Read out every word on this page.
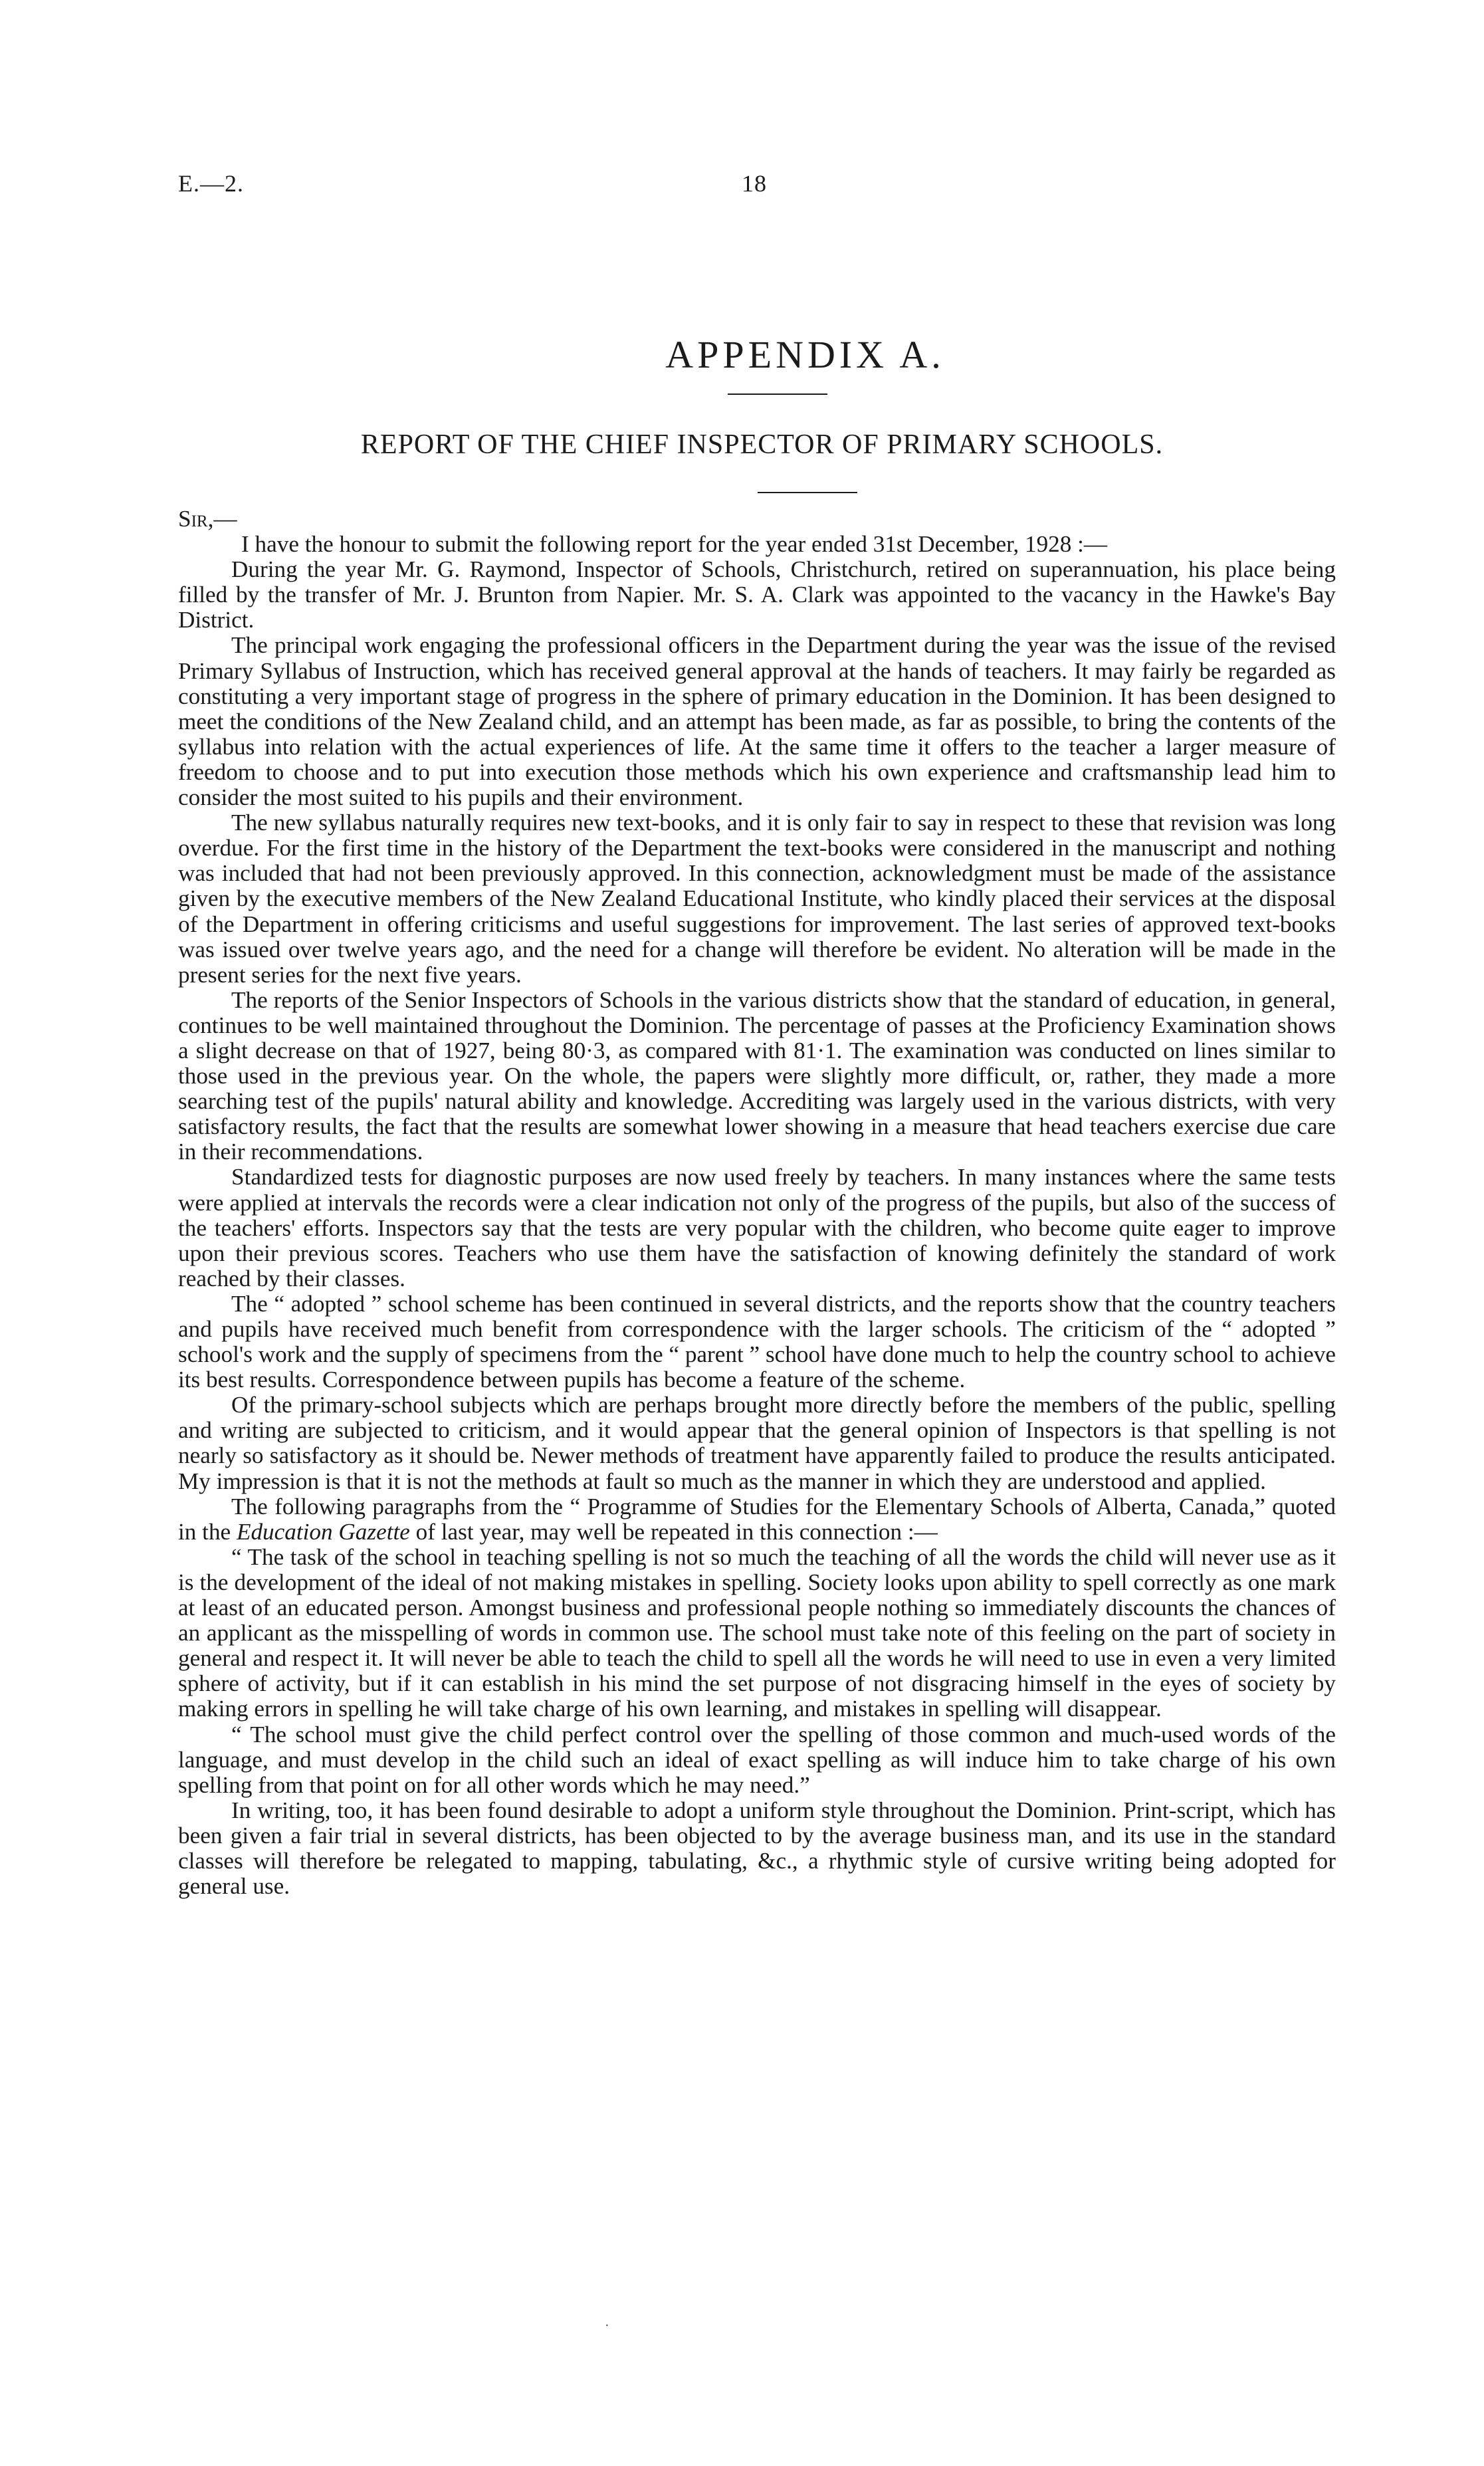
E.—2.	18
APPENDIX A.
REPORT OF THE CHIEF INSPECTOR OF PRIMARY SCHOOLS.

Sir,—

I have the honour to submit the following report for the year ended 31st December, 1928 :—

During the year Mr. G. Raymond, Inspector of Schools, Christchurch, retired on superannuation, his place being filled by the transfer of Mr. J. Brunton from Napier. Mr. S. A. Clark was appointed to the vacancy in the Hawke's Bay District.

The principal work engaging the professional officers in the Department during the year was the issue of the revised Primary Syllabus of Instruction, which has received general approval at the hands of teachers. It may fairly be regarded as constituting a very important stage of progress in the sphere of primary education in the Dominion. It has been designed to meet the conditions of the New Zealand child, and an attempt has been made, as far as possible, to bring the contents of the syllabus into relation with the actual experiences of life. At the same time it offers to the teacher a larger measure of freedom to choose and to put into execution those methods which his own experience and craftsmanship lead him to consider the most suited to his pupils and their environment.

The new syllabus naturally requires new text-books, and it is only fair to say in respect to these that revision was long overdue. For the first time in the history of the Department the text-books were considered in the manuscript and nothing was included that had not been previously approved. In this connection, acknowledgment must be made of the assistance given by the executive members of the New Zealand Educational Institute, who kindly placed their services at the disposal of the Department in offering criticisms and useful suggestions for improvement. The last series of approved text-books was issued over twelve years ago, and the need for a change will therefore be evident. No alteration will be made in the present series for the next five years.

The reports of the Senior Inspectors of Schools in the various districts show that the standard of education, in general, continues to be well maintained throughout the Dominion. The percentage of passes at the Proficiency Examination shows a slight decrease on that of 1927, being 80·3, as compared with 81·1. The examination was conducted on lines similar to those used in the previous year. On the whole, the papers were slightly more difficult, or, rather, they made a more searching test of the pupils' natural ability and knowledge. Accrediting was largely used in the various districts, with very satisfactory results, the fact that the results are somewhat lower showing in a measure that head teachers exercise due care in their recommendations.

Standardized tests for diagnostic purposes are now used freely by teachers. In many instances where the same tests were applied at intervals the records were a clear indication not only of the progress of the pupils, but also of the success of the teachers' efforts. Inspectors say that the tests are very popular with the children, who become quite eager to improve upon their previous scores. Teachers who use them have the satisfaction of knowing definitely the standard of work reached by their classes.

The “ adopted ” school scheme has been continued in several districts, and the reports show that the country teachers and pupils have received much benefit from correspondence with the larger schools. The criticism of the “ adopted ” school's work and the supply of specimens from the “ parent ” school have done much to help the country school to achieve its best results. Correspondence between pupils has become a feature of the scheme.

Of the primary-school subjects which are perhaps brought more directly before the members of the public, spelling and writing are subjected to criticism, and it would appear that the general opinion of Inspectors is that spelling is not nearly so satisfactory as it should be. Newer methods of treatment have apparently failed to produce the results anticipated. My impression is that it is not the methods at fault so much as the manner in which they are understood and applied.

The following paragraphs from the “ Programme of Studies for the Elementary Schools of Alberta, Canada,” quoted in the Education Gazette of last year, may well be repeated in this connection :—

“ The task of the school in teaching spelling is not so much the teaching of all the words the child will never use as it is the development of the ideal of not making mistakes in spelling. Society looks upon ability to spell correctly as one mark at least of an educated person. Amongst business and professional people nothing so immediately discounts the chances of an applicant as the misspelling of words in common use. The school must take note of this feeling on the part of society in general and respect it. It will never be able to teach the child to spell all the words he will need to use in even a very limited sphere of activity, but if it can establish in his mind the set purpose of not disgracing himself in the eyes of society by making errors in spelling he will take charge of his own learning, and mistakes in spelling will disappear.

“ The school must give the child perfect control over the spelling of those common and much-used words of the language, and must develop in the child such an ideal of exact spelling as will induce him to take charge of his own spelling from that point on for all other words which he may need.”

In writing, too, it has been found desirable to adopt a uniform style throughout the Dominion. Print-script, which has been given a fair trial in several districts, has been objected to by the average business man, and its use in the standard classes will therefore be relegated to mapping, tabulating, &c., a rhythmic style of cursive writing being adopted for general use.

·
